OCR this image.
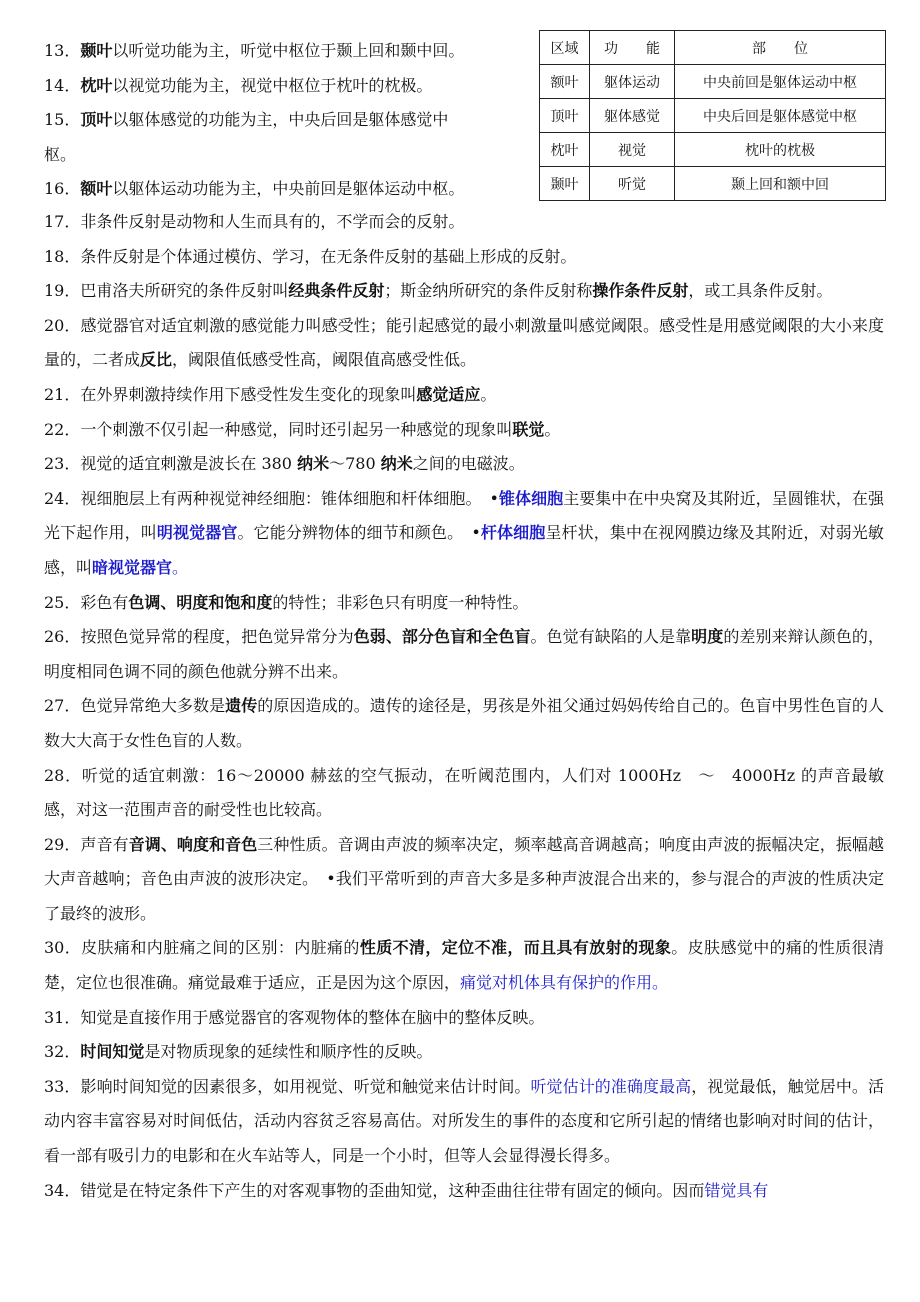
13．颞叶以听觉功能为主，听觉中枢位于颞上回和颞中回。

14．枕叶以视觉功能为主，视觉中枢位于枕叶的枕极。

15．顶叶以躯体感觉的功能为主，中央后回是躯体感觉中

枢。

16．额叶以躯体运动功能为主，中央前回是躯体运动中枢。

区域	功　　能	部　　位
额叶	躯体运动	中央前回是躯体运动中枢
顶叶	躯体感觉	中央后回是躯体感觉中枢
枕叶	视觉	枕叶的枕极
颞叶	听觉	颞上回和额中回

17．非条件反射是动物和人生而具有的，不学而会的反射。

18．条件反射是个体通过模仿、学习，在无条件反射的基础上形成的反射。

19．巴甫洛夫所研究的条件反射叫经典条件反射；斯金纳所研究的条件反射称操作条件反射，或工具条件反射。

20．感觉器官对适宜刺激的感觉能力叫感受性；能引起感觉的最小刺激量叫感觉阈限。感受性是用感觉阈限的大小来度量的，二者成反比，阈限值低感受性高，阈限值高感受性低。

21．在外界刺激持续作用下感受性发生变化的现象叫感觉适应。

22．一个刺激不仅引起一种感觉，同时还引起另一种感觉的现象叫联觉。

23．视觉的适宜刺激是波长在 380 纳米～780 纳米之间的电磁波。

24．视细胞层上有两种视觉神经细胞：锥体细胞和杆体细胞。　•锥体细胞主要集中在中央窝及其附近，呈圆锥状，在强光下起作用，叫明视觉器官。它能分辨物体的细节和颜色。　•杆体细胞呈杆状，集中在视网膜边缘及其附近，对弱光敏感，叫暗视觉器官。

25．彩色有色调、明度和饱和度的特性；非彩色只有明度一种特性。

26．按照色觉异常的程度，把色觉异常分为色弱、部分色盲和全色盲。色觉有缺陷的人是靠明度的差别来辩认颜色的，明度相同色调不同的颜色他就分辨不出来。

27．色觉异常绝大多数是遗传的原因造成的。遗传的途径是，男孩是外祖父通过妈妈传给自己的。色盲中男性色盲的人数大大高于女性色盲的人数。

28．听觉的适宜刺激：16～20000 赫兹的空气振动，在听阈范围内，人们对 1000Hz　～　4000Hz 的声音最敏感，对这一范围声音的耐受性也比较高。

29．声音有音调、响度和音色三种性质。音调由声波的频率决定，频率越高音调越高；响度由声波的振幅决定，振幅越大声音越响；音色由声波的波形决定。　•我们平常听到的声音大多是多种声波混合出来的，参与混合的声波的性质决定了最终的波形。

30．皮肤痛和内脏痛之间的区别：内脏痛的性质不清，定位不准，而且具有放射的现象。皮肤感觉中的痛的性质很清楚，定位也很准确。痛觉最难于适应，正是因为这个原因，痛觉对机体具有保护的作用。

31．知觉是直接作用于感觉器官的客观物体的整体在脑中的整体反映。

32．时间知觉是对物质现象的延续性和顺序性的反映。

33．影响时间知觉的因素很多，如用视觉、听觉和触觉来估计时间。听觉估计的准确度最高，视觉最低，触觉居中。活动内容丰富容易对时间低估，活动内容贫乏容易高估。对所发生的事件的态度和它所引起的情绪也影响对时间的估计，看一部有吸引力的电影和在火车站等人，同是一个小时，但等人会显得漫长得多。

34．错觉是在特定条件下产生的对客观事物的歪曲知觉，这种歪曲往往带有固定的倾向。因而错觉具有
